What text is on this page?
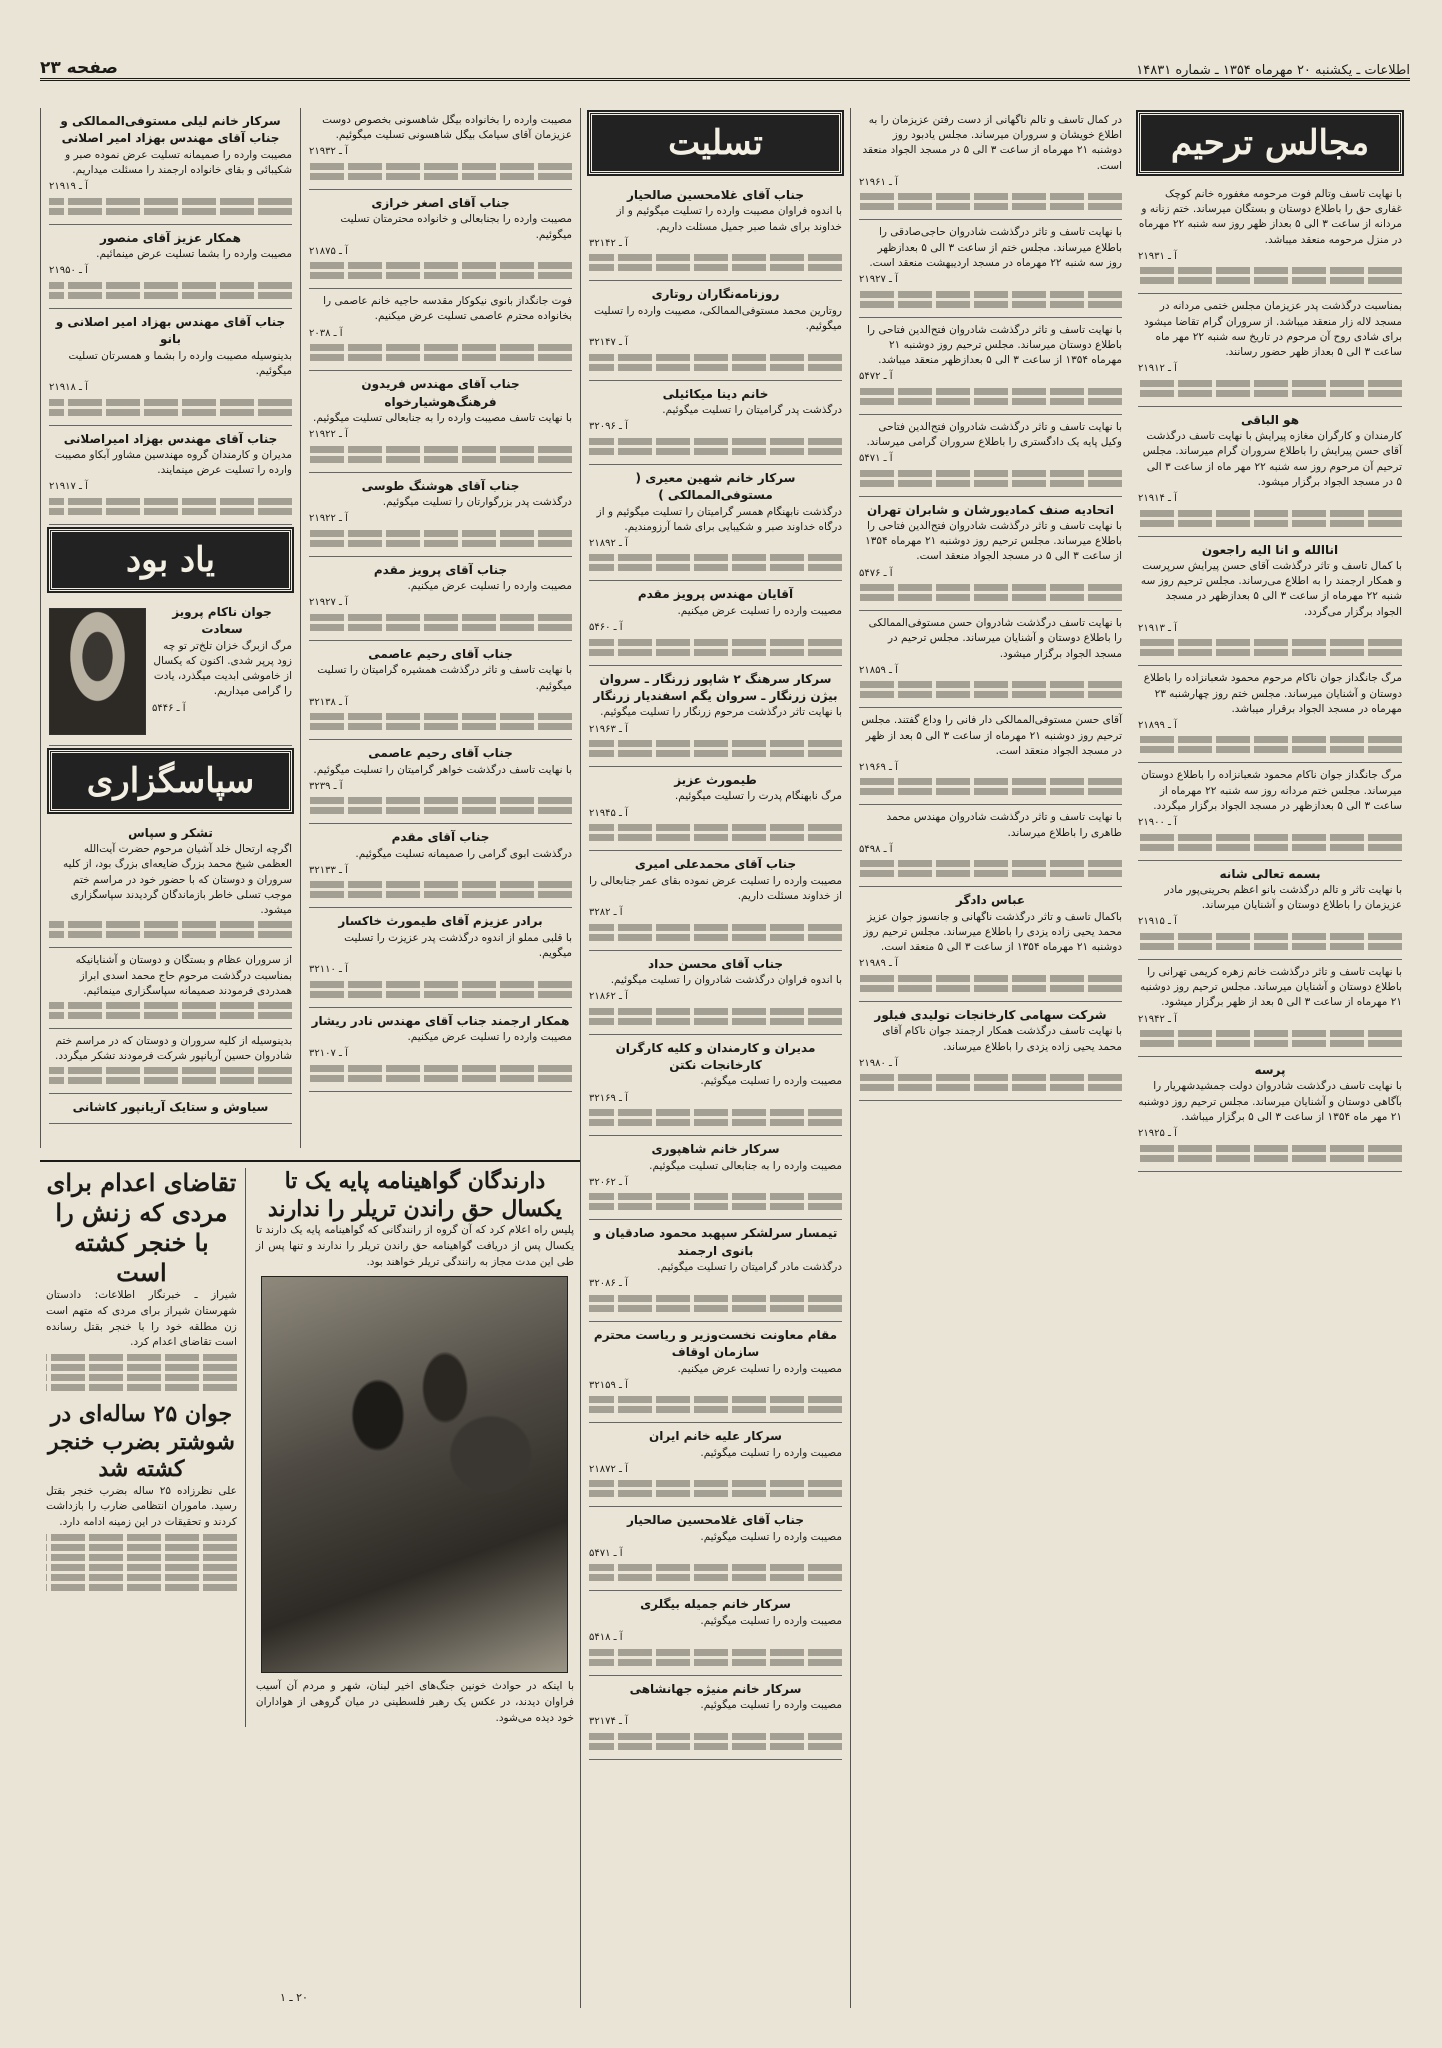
اطلاعات ـ یکشنبه ۲۰ مهرماه ۱۳۵۴ ـ شماره ۱۴۸۳۱
صفحه ۲۳
مجالس ترحیم
با نهایت تاسف وتالم فوت مرحومه مغفوره خانم کوچک غفاری حق را باطلاع دوستان و بستگان میرساند. ختم زنانه و مردانه از ساعت ۳ الی ۵ بعداز ظهر روز سه شنبه ۲۲ مهرماه در منزل مرحومه منعقد میباشد.
آ ـ ۲۱۹۳۱
بمناسبت درگذشت پدر عزیزمان مجلس ختمی مردانه در مسجد لاله زار منعقد میباشد. از سروران گرام تقاضا میشود برای شادی روح آن مرحوم در تاریخ سه شنبه ۲۲ مهر ماه ساعت ۳ الی ۵ بعداز ظهر حضور رسانند.
آ ـ ۲۱۹۱۲
هو الباقی
کارمندان و کارگران مغازه پیرایش با نهایت تاسف درگذشت آقای حسن پیرایش را باطلاع سروران گرام میرساند. مجلس ترحیم آن مرحوم روز سه شنبه ۲۲ مهر ماه از ساعت ۳ الی ۵ در مسجد الجواد برگزار میشود.
آ ـ ۲۱۹۱۴
اناالله و انا الیه راجعون
با کمال تاسف و تاثر درگذشت آقای حسن پیرایش سرپرست و همکار ارجمند را به اطلاع می‌رساند. مجلس ترحیم روز سه شنبه ۲۲ مهرماه از ساعت ۳ الی ۵ بعدازظهر در مسجد الجواد برگزار می‌گردد.
آ ـ ۲۱۹۱۳
مرگ جانگداز جوان ناکام مرحوم محمود شعبانزاده را باطلاع دوستان و آشنایان میرساند. مجلس ختم روز چهارشنبه ۲۳ مهرماه در مسجد الجواد برقرار میباشد.
آ ـ ۲۱۸۹۹
مرگ جانگداز جوان ناکام محمود شعبانزاده را باطلاع دوستان میرساند. مجلس ختم مردانه روز سه شنبه ۲۲ مهرماه از ساعت ۳ الی ۵ بعدازظهر در مسجد الجواد برگزار میگردد.
آ ـ ۲۱۹۰۰
بسمه تعالی شانه
با نهایت تاثر و تالم درگذشت بانو اعظم بحرینی‌پور مادر عزیزمان را باطلاع دوستان و آشنایان میرساند.
آ ـ ۲۱۹۱۵
با نهایت تاسف و تاثر درگذشت خانم زهره کریمی تهرانی را باطلاع دوستان و آشنایان میرساند. مجلس ترحیم روز دوشنبه ۲۱ مهرماه از ساعت ۳ الی ۵ بعد از ظهر برگزار میشود.
آ ـ ۲۱۹۴۲
پرسه
با نهایت تاسف درگذشت شادروان دولت جمشیدشهریار را بآگاهی دوستان و آشنایان میرساند. مجلس ترحیم روز دوشنبه ۲۱ مهر ماه ۱۳۵۴ از ساعت ۳ الی ۵ برگزار میباشد.
آ ـ ۲۱۹۲۵
در کمال تاسف و تالم ناگهانی از دست رفتن عزیزمان را به اطلاع خویشان و سروران میرساند. مجلس یادبود روز دوشنبه ۲۱ مهرماه از ساعت ۳ الی ۵ در مسجد الجواد منعقد است.
آ ـ ۲۱۹۶۱
با نهایت تاسف و تاثر درگذشت شادروان حاجی‌صادقی را باطلاع میرساند. مجلس ختم از ساعت ۳ الی ۵ بعدازظهر روز سه شنبه ۲۲ مهرماه در مسجد اردیبهشت منعقد است.
آ ـ ۲۱۹۲۷
با نهایت تاسف و تاثر درگذشت شادروان فتح‌الدین فتاحی را باطلاع دوستان میرساند. مجلس ترحیم روز دوشنبه ۲۱ مهرماه ۱۳۵۴ از ساعت ۳ الی ۵ بعدازظهر منعقد میباشد.
آ ـ ۵۴۷۲
با نهایت تاسف و تاثر درگذشت شادروان فتح‌الدین فتاحی وکیل پایه یک دادگستری را باطلاع سروران گرامی میرساند.
آ ـ ۵۴۷۱
اتحادیه صنف کمادیورشان و شابران تهران
با نهایت تاسف و تاثر درگذشت شادروان فتح‌الدین فتاحی را باطلاع میرساند. مجلس ترحیم روز دوشنبه ۲۱ مهرماه ۱۳۵۴ از ساعت ۳ الی ۵ در مسجد الجواد منعقد است.
آ ـ ۵۴۷۶
با نهایت تاسف درگذشت شادروان حسن مستوفی‌الممالکی را باطلاع دوستان و آشنایان میرساند. مجلس ترحیم در مسجد الجواد برگزار میشود.
آ ـ ۲۱۸۵۹
آقای حسن مستوفی‌الممالکی دار فانی را وداع گفتند. مجلس ترحیم روز دوشنبه ۲۱ مهرماه از ساعت ۳ الی ۵ بعد از ظهر در مسجد الجواد منعقد است.
آ ـ ۲۱۹۶۹
با نهایت تاسف و تاثر درگذشت شادروان مهندس محمد طاهری را باطلاع میرساند.
آ ـ ۵۴۹۸
عباس دادگر
باکمال تاسف و تاثر درگذشت ناگهانی و جانسوز جوان عزیز محمد یحیی زاده یزدی را باطلاع میرساند. مجلس ترحیم روز دوشنبه ۲۱ مهرماه ۱۳۵۴ از ساعت ۳ الی ۵ منعقد است.
آ ـ ۲۱۹۸۹
شرکت سهامی کارخانجات تولیدی فیلور
با نهایت تاسف درگذشت همکار ارجمند جوان ناکام آقای محمد یحیی زاده یزدی را باطلاع میرساند.
آ ـ ۲۱۹۸۰
تسلیت
جناب آقای غلامحسین صالحیار
با اندوه فراوان مصیبت وارده را تسلیت میگوئیم و از خداوند برای شما صبر جمیل مسئلت داریم.
آ ـ ۳۲۱۴۲
روزنامه‌نگاران روتاری
روتارین محمد مستوفی‌الممالکی، مصیبت وارده را تسلیت میگوئیم.
آ ـ ۳۲۱۴۷
خانم دینا میکائیلی
درگذشت پدر گرامیتان را تسلیت میگوئیم.
آ ـ ۳۲۰۹۶
سرکار خانم شهین معیری ( مستوفی‌الممالکی )
درگذشت نابهنگام همسر گرامیتان را تسلیت میگوئیم و از درگاه خداوند صبر و شکیبایی برای شما آرزومندیم.
آ ـ ۲۱۸۹۲
آقایان مهندس پرویز مقدم
مصیبت وارده را تسلیت عرض میکنیم.
آ ـ ۵۴۶۰
سرکار سرهنگ ۲ شاپور زرنگار ـ سروان بیژن زرنگار ـ سروان یگم اسفندیار زرنگار
با نهایت تاثر درگذشت مرحوم زرنگار را تسلیت میگوئیم.
آ ـ ۲۱۹۶۳
طیمورث عزیز
مرگ نابهنگام پدرت را تسلیت میگوئیم.
آ ـ ۲۱۹۴۵
جناب آقای محمدعلی امیری
مصیبت وارده را تسلیت عرض نموده بقای عمر جنابعالی را از خداوند مسئلت داریم.
آ ـ ۳۲۸۲
جناب آقای محسن حداد
با اندوه فراوان درگذشت شادروان را تسلیت میگوئیم.
آ ـ ۲۱۸۶۲
مدیران و کارمندان و کلیه کارگران کارخانجات نکتن
مصیبت وارده را تسلیت میگوئیم.
آ ـ ۳۲۱۶۹
سرکار خانم شاهپوری
مصیبت وارده را به جنابعالی تسلیت میگوئیم.
آ ـ ۳۲۰۶۲
تیمسار سرلشکر سپهبد محمود صادقیان و بانوی ارجمند
درگذشت مادر گرامیتان را تسلیت میگوئیم.
آ ـ ۳۲۰۸۶
مقام معاونت نخست‌وزیر و ریاست محترم سازمان اوقاف
مصیبت وارده را تسلیت عرض میکنیم.
آ ـ ۳۲۱۵۹
سرکار علیه خانم ایران
مصیبت وارده را تسلیت میگوئیم.
آ ـ ۲۱۸۷۲
جناب آقای غلامحسین صالحیار
مصیبت وارده را تسلیت میگوئیم.
آ ـ ۵۴۷۱
سرکار خانم جمیله بیگلری
مصیبت وارده را تسلیت میگوئیم.
آ ـ ۵۴۱۸
سرکار خانم منیژه جهانشاهی
مصیبت وارده را تسلیت میگوئیم.
آ ـ ۳۲۱۷۴
مصیبت وارده را بخانواده بیگل شاهسونی بخصوص دوست عزیزمان آقای سیامک بیگل شاهسونی تسلیت میگوئیم.
آ ـ ۲۱۹۳۲
جناب آقای اصغر خرازی
مصیبت وارده را بجنابعالی و خانواده محترمتان تسلیت میگوئیم.
آ ـ ۲۱۸۷۵
فوت جانگداز بانوی نیکوکار مقدسه حاجیه خانم عاصمی را بخانواده محترم عاصمی تسلیت عرض میکنیم.
آ ـ ۲۰۳۸
جناب آقای مهندس فریدون فرهنگ‌هوشیارخواه
با نهایت تاسف مصیبت وارده را به جنابعالی تسلیت میگوئیم.
آ ـ ۲۱۹۲۲
جناب آقای هوشنگ طوسی
درگذشت پدر بزرگوارتان را تسلیت میگوئیم.
آ ـ ۲۱۹۲۲
جناب آقای پرویز مقدم
مصیبت وارده را تسلیت عرض میکنیم.
آ ـ ۲۱۹۲۷
جناب آقای رحیم عاصمی
با نهایت تاسف و تاثر درگذشت همشیره گرامیتان را تسلیت میگوئیم.
آ ـ ۳۲۱۳۸
جناب آقای رحیم عاصمی
با نهایت تاسف درگذشت خواهر گرامیتان را تسلیت میگوئیم.
آ ـ ۳۲۳۹
جناب آقای مقدم
درگذشت ابوی گرامی را صمیمانه تسلیت میگوئیم.
آ ـ ۳۲۱۳۳
برادر عزیزم آقای طیمورث خاکسار
با قلبی مملو از اندوه درگذشت پدر عزیزت را تسلیت میگویم.
آ ـ ۳۲۱۱۰
همکار ارجمند جناب آقای مهندس نادر ریشار
مصیبت وارده را تسلیت عرض میکنیم.
آ ـ ۳۲۱۰۷
سرکار خانم لیلی مستوفی‌الممالکی و جناب آقای مهندس بهزاد امیر اصلانی
مصیبت وارده را صمیمانه تسلیت عرض نموده صبر و شکیبائی و بقای خانواده ارجمند را مسئلت میداریم.
آ ـ ۲۱۹۱۹
همکار عزیز آقای منصور
مصیبت وارده را بشما تسلیت عرض مینمائیم.
آ ـ ۲۱۹۵۰
جناب آقای مهندس بهزاد امیر اصلانی و بانو
بدینوسیله مصیبت وارده را بشما و همسرتان تسلیت میگوئیم.
آ ـ ۲۱۹۱۸
جناب آقای مهندس بهزاد امیراصلانی
مدیران و کارمندان گروه مهندسین مشاور آبکاو مصیبت وارده را تسلیت عرض مینمایند.
آ ـ ۲۱۹۱۷
یاد بود
جوان ناکام پرویز سعادت
مرگ ازبرگ خزان تلخ‌تر تو چه زود پرپر شدی. اکنون که یکسال از خاموشی ابدیت میگذرد، یادت را گرامی میداریم.
آ ـ ۵۴۴۶
سپاسگزاری
تشکر و سپاس
اگرچه ارتحال خلد آشیان مرحوم حضرت آیت‌الله العظمی شیخ محمد بزرگ ضایعه‌ای بزرگ بود، از کلیه سروران و دوستان که با حضور خود در مراسم ختم موجب تسلی خاطر بازماندگان گردیدند سپاسگزاری میشود.
از سروران عظام و بستگان و دوستان و آشنایانیکه بمناسبت درگذشت مرحوم حاج محمد اسدی ابراز همدردی فرمودند صمیمانه سپاسگزاری مینمائیم.
بدینوسیله از کلیه سروران و دوستان که در مراسم ختم شادروان حسین آریانپور شرکت فرمودند تشکر میگردد.
سیاوش و ستایک آریانپور کاشانی
دارندگان گواهینامه پایه یک تا یکسال حق راندن تریلر را ندارند
پلیس راه اعلام کرد که آن گروه از رانندگانی که گواهینامه پایه یک دارند تا یکسال پس از دریافت گواهینامه حق راندن تریلر را ندارند و تنها پس از طی این مدت مجاز به رانندگی تریلر خواهند بود.
با اینکه در حوادث خونین جنگ‌های اخیر لبنان، شهر و مردم آن آسیب فراوان دیدند، در عکس یک رهبر فلسطینی در میان گروهی از هواداران خود دیده می‌شود.
تقاضای اعدام برای مردی که زنش را با خنجر کشته است
شیراز ـ خبرنگار اطلاعات: دادستان شهرستان شیراز برای مردی که متهم است زن مطلقه خود را با خنجر بقتل رسانده است تقاضای اعدام کرد.
جوان ۲۵ ساله‌ای در شوشتر بضرب خنجر کشته شد
علی نظرزاده ۲۵ ساله بضرب خنجر بقتل رسید. ماموران انتظامی ضارب را بازداشت کردند و تحقیقات در این زمینه ادامه دارد.
۲۰ ـ ۱
